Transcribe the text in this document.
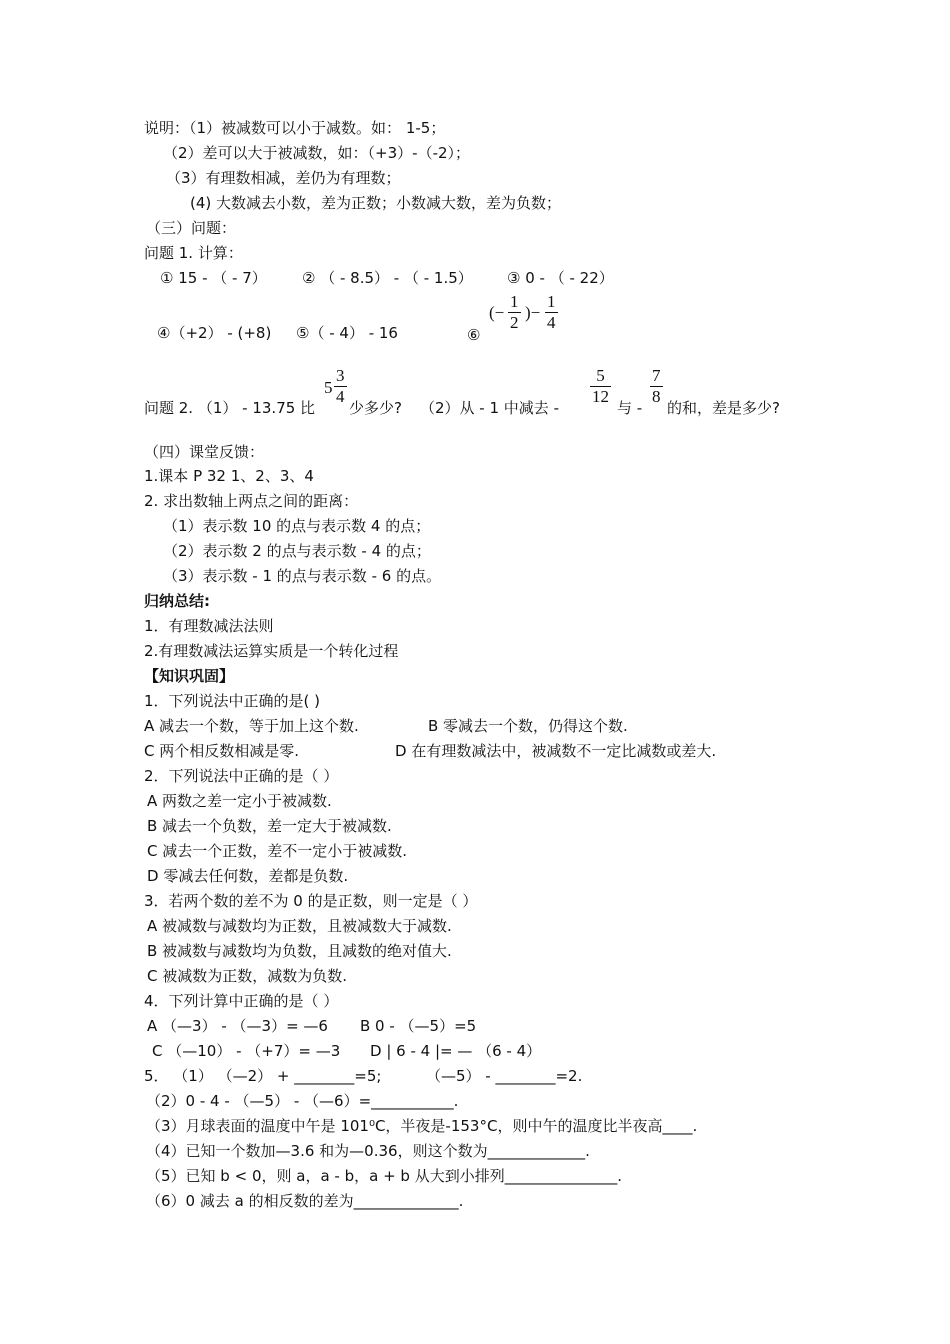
说明：（1）被减数可以小于减数。如： 1-5；
（2）差可以大于被减数，如：（+3）-（-2）；
（3）有理数相减，差仍为有理数；
(4) 大数减去小数，差为正数；小数减大数，差为负数；
（三）问题：
问题 1. 计算：
① 15 - （ - 7） ② （ - 8.5） - （ - 1.5） ③ 0 - （ - 22）
④（+2） - (+8) ⑤（ - 4） - 16	⑥
问题 2. （1） - 13.75 比 少多少? （2）从 - 1 中减去 -	与 - 的和，差是多少?
（四）课堂反馈：
1.课本 P 32 1、2、3、4
2. 求出数轴上两点之间的距离：
（1）表示数 10 的点与表示数 4 的点；
（2）表示数 2 的点与表示数 - 4 的点；
（3）表示数 - 1 的点与表示数 - 6 的点。
归纳总结:
1．有理数减法法则
2.有理数减法运算实质是一个转化过程
【知识巩固】
1．下列说法中正确的是( )
A 减去一个数，等于加上这个数.	B 零减去一个数，仍得这个数.
C 两个相反数相减是零.	D 在有理数减法中，被减数不一定比减数或差大.
2．下列说法中正确的是（ ）
A 两数之差一定小于被减数.
B 减去一个负数，差一定大于被减数.
C 减去一个正数，差不一定小于被减数.
D 零减去任何数，差都是负数.
3．若两个数的差不为 0 的是正数，则一定是（ ）
A 被减数与减数均为正数，且被减数大于减数.
B 被减数与减数均为负数，且减数的绝对值大.
C 被减数为正数，减数为负数.
4．下列计算中正确的是（ ）
A （—3） - （—3）= —6 B 0 - （—5）=5
C （—10） - （+7）= —3 D | 6 - 4 |= — （6 - 4）
5． （1） （—2） + ________=5;	（—5） - ________=2.
（2）0 - 4 - （—5） - （—6）=___________.
（3）月球表面的温度中午是 101⁰C，半夜是-153°C，则中午的温度比半夜高____.
（4）已知一个数加—3.6 和为—0.36，则这个数为_____________.
（5）已知 b < 0，则 a，a - b，a + b 从大到小排列_______________.
（6）0 减去 a 的相反数的差为______________.
(− $\frac{1}{2}$ )− $\frac{1}{4}$
$5 \frac{3}{4}$	$\frac{5}{12} \frac{7}{8}$
